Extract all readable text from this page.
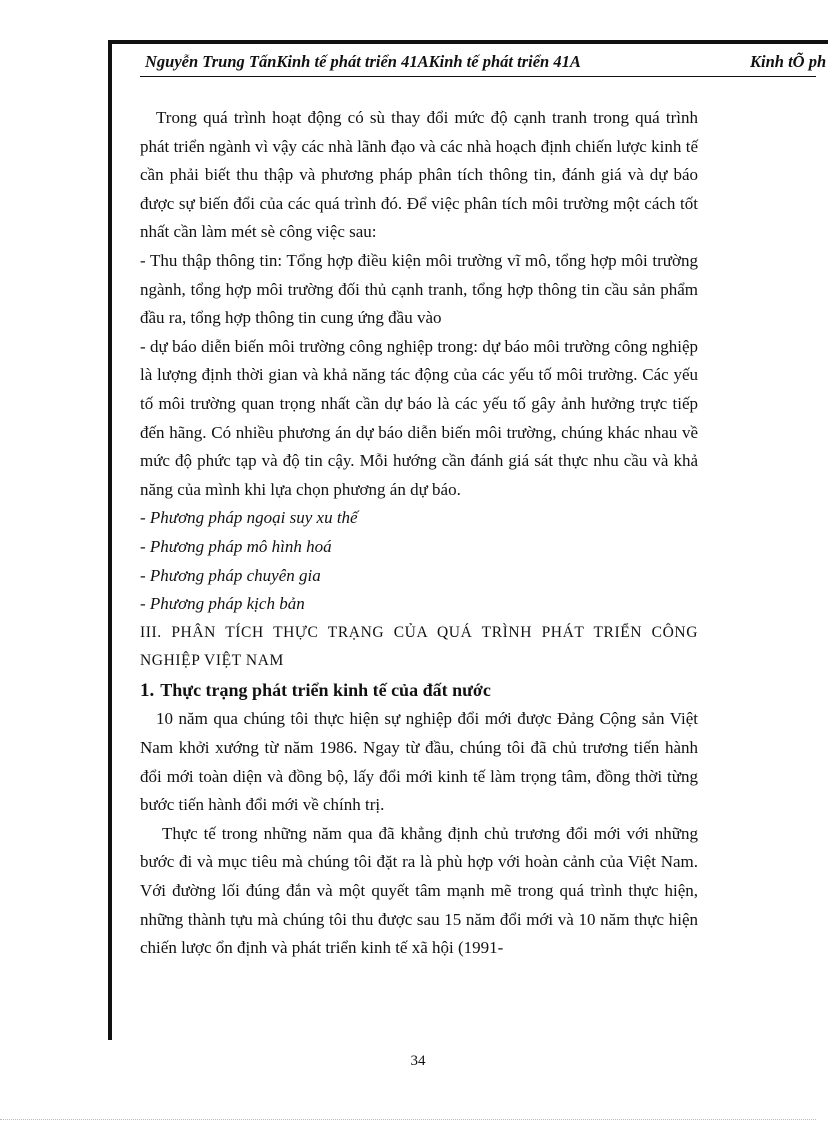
Nguyễn Trung TấnKinh tế phát triển 41AKinh tế phát triển 41A	Kinh tÕ ph

Trong quá trình hoạt động có sù thay đổi mức độ cạnh tranh trong quá trình phát triển ngành vì vậy các nhà lãnh đạo và các nhà hoạch định chiến lược kinh tế cần phải biết thu thập và phương pháp phân tích thông tin, đánh giá và dự báo được sự biến đổi của các quá trình đó. Để việc phân tích môi trường một cách tốt nhất cần làm mét sè công việc sau:

- Thu thập thông tin: Tổng hợp điều kiện môi trường vĩ mô, tổng hợp môi trường ngành, tổng hợp môi trường đối thủ cạnh tranh, tổng hợp thông tin cầu sản phẩm đầu ra, tổng hợp thông tin cung ứng đầu vào

- dự báo diễn biến môi trường công nghiệp trong: dự báo môi trường công nghiệp là lượng định thời gian và khả năng tác động của các yếu tố môi trường. Các yếu tố môi trường quan trọng nhất cần dự báo là các yếu tố gây ảnh hưởng trực tiếp đến hãng. Có nhiều phương án dự báo diễn biến môi trường, chúng khác nhau về mức độ phức tạp và độ tin cậy. Mỗi hướng cần đánh giá sát thực nhu cầu và khả năng của mình khi lựa chọn phương án dự báo.

- Phương pháp ngoại suy xu thế

- Phương pháp mô hình hoá

- Phương pháp chuyên gia

- Phương pháp kịch bản

III. PHÂN TÍCH THỰC TRẠNG CỦA QUÁ TRÌNH PHÁT TRIỂN CÔNG NGHIỆP VIỆT NAM

1. Thực trạng phát triển kinh tế của đất nước

10 năm qua chúng tôi thực hiện sự nghiệp đổi mới được Đảng Cộng sản Việt Nam khởi xướng từ năm 1986. Ngay từ đầu, chúng tôi đã chủ trương tiến hành đổi mới toàn diện và đồng bộ, lấy đổi mới kinh tế làm trọng tâm, đồng thời từng bước tiến hành đổi mới về chính trị.

Thực tế trong những năm qua đã khẳng định chủ trương đổi mới với những bước đi và mục tiêu mà chúng tôi đặt ra là phù hợp với hoàn cảnh của Việt Nam. Với đường lối đúng đắn và một quyết tâm mạnh mẽ trong quá trình thực hiện, những thành tựu mà chúng tôi thu được sau 15 năm đổi mới và 10 năm thực hiện chiến lược ổn định và phát triển kinh tế xã hội (1991-

34
